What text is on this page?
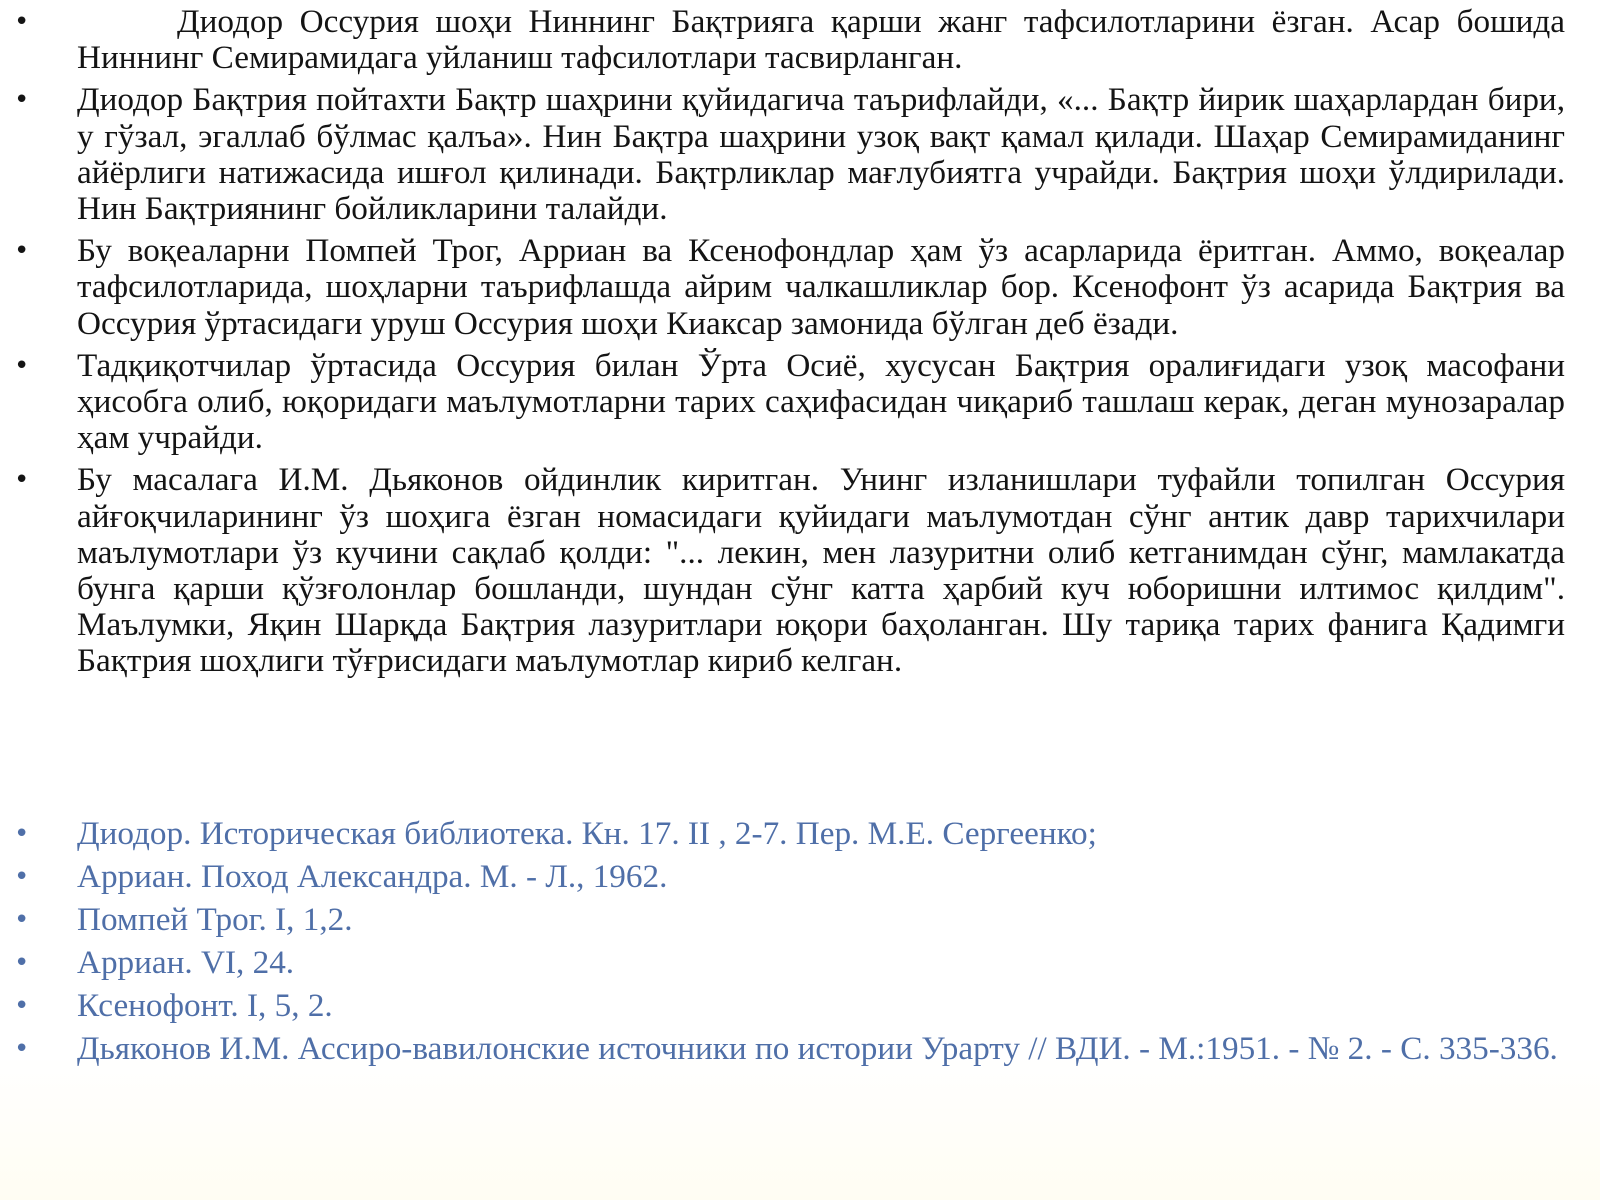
•	Диодор Оссурия шоҳи Ниннинг Бақтрияга қарши жанг тафсилотларини ёзган. Асар бошида Ниннинг Семирамидага уйланиш тафсилотлари тасвирланган.
• Диодор Бақтрия пойтахти Бақтр шаҳрини қуйидагича таърифлайди, «... Бақтр йирик шаҳарлардан бири, у гўзал, эгаллаб бўлмас қалъа». Нин Бақтра шаҳрини узоқ вақт қамал қилади. Шаҳар Семирамиданинг айёрлиги натижасида ишғол қилинади. Бақтрликлар мағлубиятга учрайди. Бақтрия шоҳи ўлдирилади. Нин Бақтриянинг бойликларини талайди.
• Бу воқеаларни Помпей Трог, Арриан ва Ксенофондлар ҳам ўз асарларида ёритган. Аммо, воқеалар тафсилотларида, шоҳларни таърифлашда айрим чалкашликлар бор. Ксенофонт ўз асарида Бақтрия ва Оссурия ўртасидаги уруш Оссурия шоҳи Киаксар замонида бўлган деб ёзади.
• Тадқиқотчилар ўртасида Оссурия билан Ўрта Осиё, хусусан Бақтрия оралиғидаги узоқ масофани ҳисобга олиб, юқоридаги маълумотларни тарих саҳифасидан чиқариб ташлаш керак, деган мунозаралар ҳам учрайди.
• Бу масалага И.М. Дьяконов ойдинлик киритган. Унинг изланишлари туфайли топилган Оссурия айғоқчиларининг ўз шоҳига ёзган номасидаги қуйидаги маълумотдан сўнг антик давр тарихчилари маълумотлари ўз кучини сақлаб қолди: "... лекин, мен лазуритни олиб кетганимдан сўнг, мамлакатда бунга қарши қўзғолонлар бошланди, шундан сўнг катта ҳарбий куч юборишни илтимос қилдим". Маълумки, Яқин Шарқда Бақтрия лазуритлари юқори баҳоланган. Шу тариқа тарих фанига Қадимги Бақтрия шоҳлиги тўғрисидаги маълумотлар кириб келган.
• Диодор. Историческая библиотека. Кн. 17. II , 2-7. Пер. М.Е. Сергеенко;
• Арриан. Поход Александра. М. - Л., 1962.
• Помпей Трог. I, 1,2.
• Арриан. VI, 24.
• Ксенофонт. I, 5, 2.
• Дьяконов И.М. Ассиро-вавилонские источники по истории Урарту // ВДИ. - М.:1951. - № 2. - С. 335-336.
